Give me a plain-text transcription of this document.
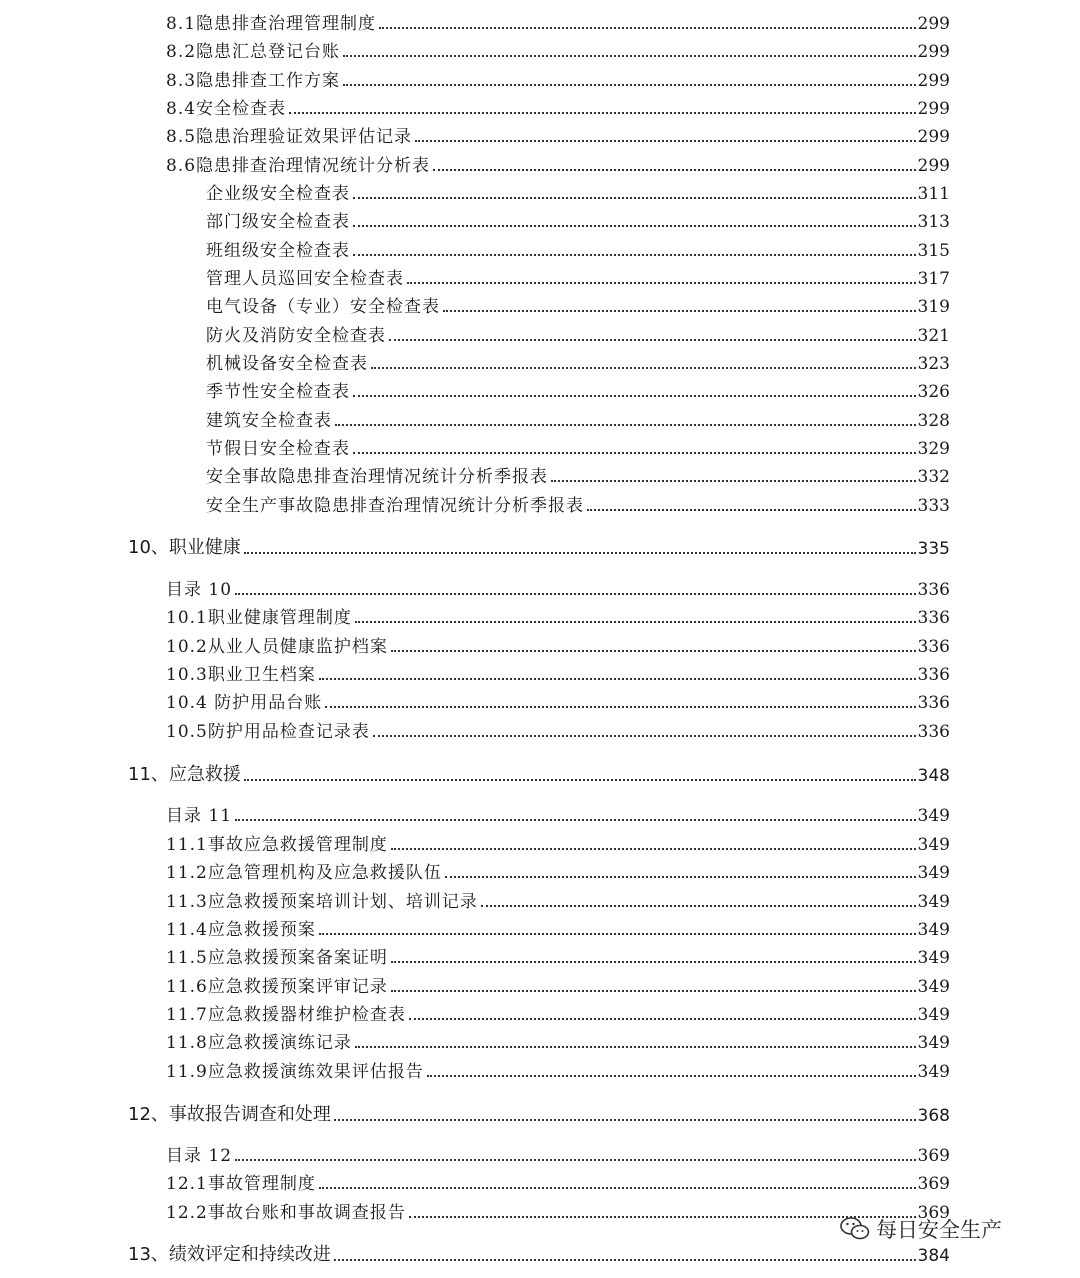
8.1隐患排查治理管理制度	299
8.2隐患汇总登记台账	299
8.3隐患排查工作方案	299
8.4安全检查表	299
8.5隐患治理验证效果评估记录	299
8.6隐患排查治理情况统计分析表	299
企业级安全检查表	311
部门级安全检查表	313
班组级安全检查表	315
管理人员巡回安全检查表	317
电气设备（专业）安全检查表	319
防火及消防安全检查表	321
机械设备安全检查表	323
季节性安全检查表	326
建筑安全检查表	328
节假日安全检查表	329
安全事故隐患排查治理情况统计分析季报表	332
安全生产事故隐患排查治理情况统计分析季报表	333
10、职业健康	335
目录 10	336
10.1职业健康管理制度	336
10.2从业人员健康监护档案	336
10.3职业卫生档案	336
10.4 防护用品台账	336
10.5防护用品检查记录表	336
11、应急救援	348
目录 11	349
11.1事故应急救援管理制度	349
11.2应急管理机构及应急救援队伍	349
11.3应急救援预案培训计划、培训记录	349
11.4应急救援预案	349
11.5应急救援预案备案证明	349
11.6应急救援预案评审记录	349
11.7应急救援器材维护检查表	349
11.8应急救援演练记录	349
11.9应急救援演练效果评估报告	349
12、事故报告调查和处理	368
目录 12	369
12.1事故管理制度	369
12.2事故台账和事故调查报告	369
13、绩效评定和持续改进	384
每日安全生产
